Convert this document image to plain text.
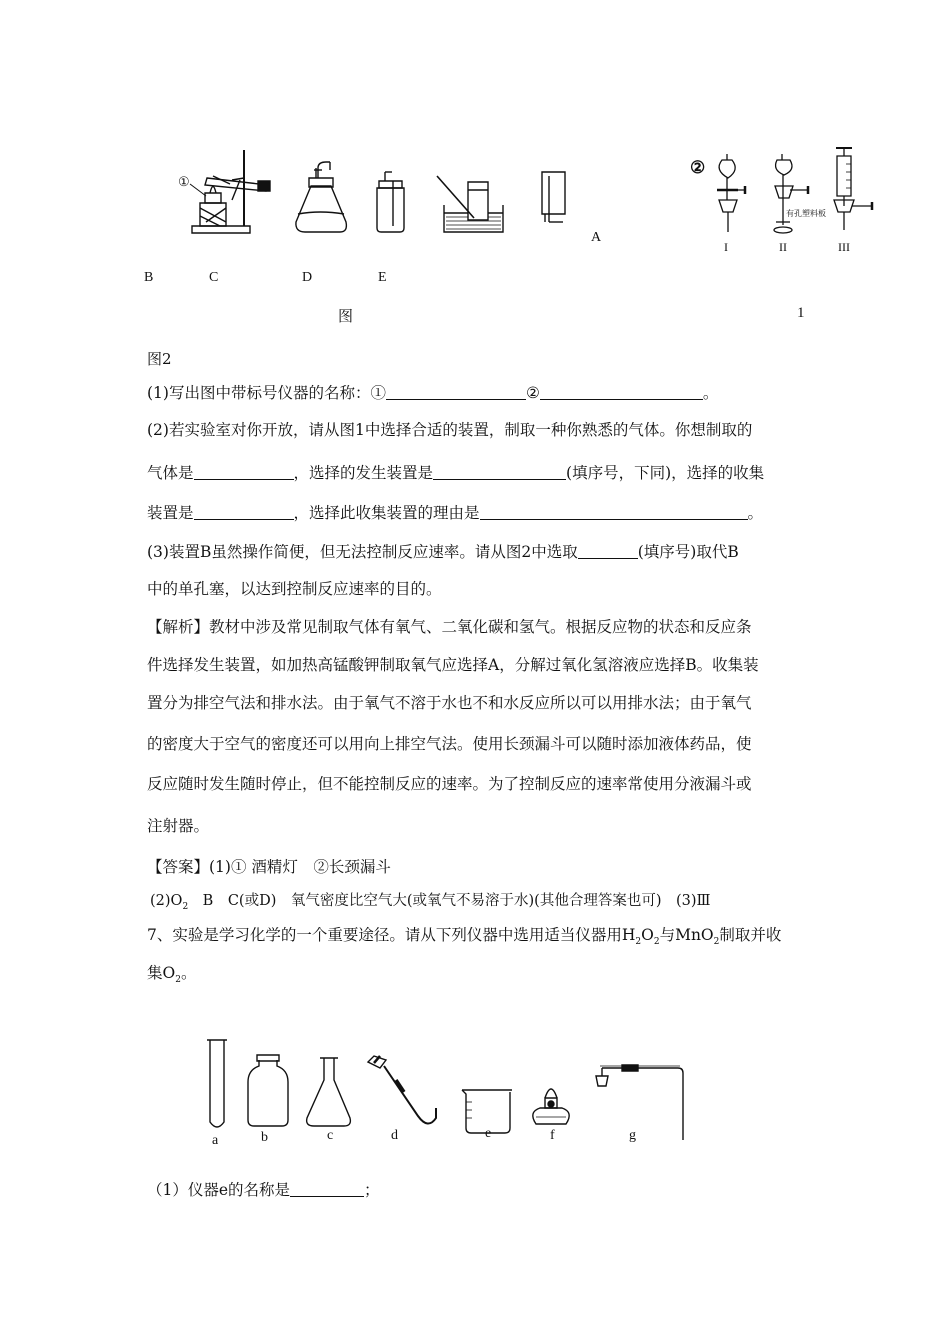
①
②
A
I	II	III
有孔塑料板
B	C	D	E
图	1
图2
(1)写出图中带标号仪器的名称：①	②	。
(2)若实验室对你开放，请从图1中选择合适的装置，制取一种你熟悉的气体。你想制取的
气体是	，选择的发生装置是	(填序号，下同)，选择的收集
装置是	，选择此收集装置的理由是	。
(3)装置B虽然操作简便，但无法控制反应速率。请从图2中选取	(填序号)取代B
中的单孔塞，以达到控制反应速率的目的。
【解析】教材中涉及常见制取气体有氧气、二氧化碳和氢气。根据反应物的状态和反应条
件选择发生装置，如加热高锰酸钾制取氧气应选择A，分解过氧化氢溶液应选择B。收集装
置分为排空气法和排水法。由于氧气不溶于水也不和水反应所以可以用排水法；由于氧气
的密度大于空气的密度还可以用向上排空气法。使用长颈漏斗可以随时添加液体药品，使
反应随时发生随时停止，但不能控制反应的速率。为了控制反应的速率常使用分液漏斗或
注射器。
【答案】(1)① 酒精灯　②长颈漏斗
$(2)O_2$　B　C(或D)　氧气密度比空气大(或氧气不易溶于水)(其他合理答案也可)　(3)Ⅲ
7、实验是学习化学的一个重要途径。请从下列仪器中选用适当仪器用$H_2O_2$与MnO$_2$制取并收
集$O_2$。
a	b	c	d	e	f	g
（1）仪器e的名称是	；
